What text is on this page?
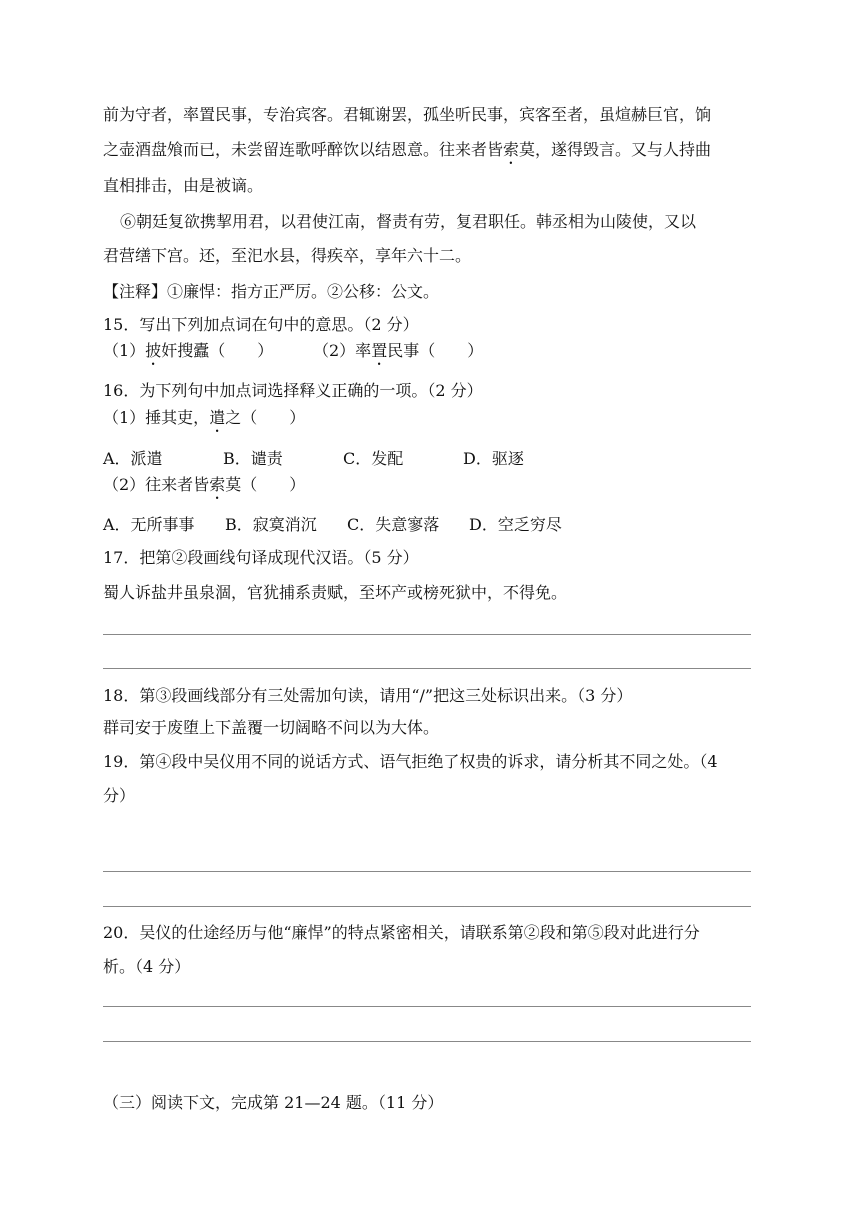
前为守者，率置民事，专治宾客。君辄谢罢，孤坐听民事，宾客至者，虽煊赫巨官，饷
之壶酒盘飧而已，未尝留连歌呼醉饮以结恩意。往来者皆索莫，遂得毁言。又与人持曲
直相排击，由是被谪。
⑥朝廷复欲携挈用君，以君使江南，督责有劳，复君职任。韩丞相为山陵使，又以
君营缮下宫。还，至汜水县，得疾卒，享年六十二。
【注释】①廉悍：指方正严厉。②公移：公文。
15．写出下列加点词在句中的意思。（2 分）
（1）披奸搜蠹（　　） （2）率置民事（　　）
16．为下列句中加点词选择释义正确的一项。（2 分）
（1）捶其吏，遣之（　　）
A．派遣	B．谴责	C．发配	D．驱逐
（2）往来者皆索莫（　　）
A．无所事事 B．寂寞消沉 C．失意寥落 D．空乏穷尽
17．把第②段画线句译成现代汉语。（5 分）
蜀人诉盐井虽泉涸，官犹捕系责赋，至坏产或榜死狱中，不得免。
18．第③段画线部分有三处需加句读，请用“/”把这三处标识出来。（3 分）
群司安于废堕上下盖覆一切阔略不问以为大体。
19．第④段中吴仪用不同的说话方式、语气拒绝了权贵的诉求，请分析其不同之处。（4
分）
20．吴仪的仕途经历与他“廉悍”的特点紧密相关，请联系第②段和第⑤段对此进行分
析。（4 分）
（三）阅读下文，完成第 21—24 题。（11 分）
